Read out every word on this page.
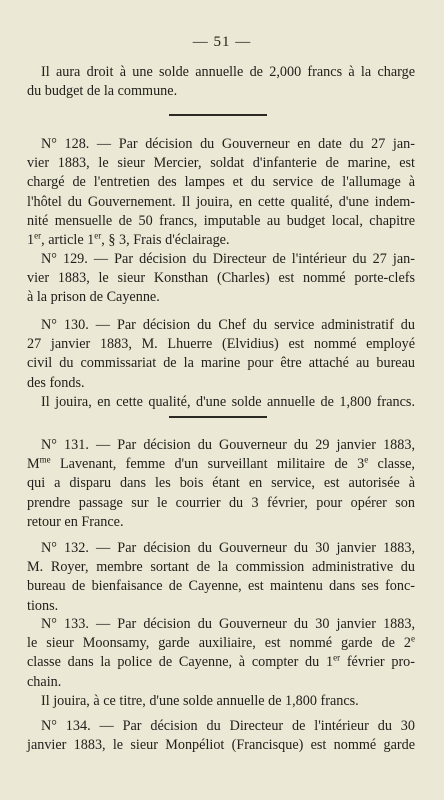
— 51 —
Il aura droit à une solde annuelle de 2,000 francs à la charge
du budget de la commune.
N° 128. — Par décision du Gouverneur en date du 27 jan-
vier 1883, le sieur Mercier, soldat d'infanterie de marine, est
chargé de l'entretien des lampes et du service de l'allumage à
l'hôtel du Gouvernement. Il jouira, en cette qualité, d'une indem-
nité mensuelle de 50 francs, imputable au budget local, chapitre
1er, article 1er, § 3, Frais d'éclairage.
N° 129. — Par décision du Directeur de l'intérieur du 27 jan-
vier 1883, le sieur Konsthan (Charles) est nommé porte-clefs
à la prison de Cayenne.
N° 130. — Par décision du Chef du service administratif du
27 janvier 1883, M. Lhuerre (Elvidius) est nommé employé
civil du commissariat de la marine pour être attaché au bureau
des fonds.
Il jouira, en cette qualité, d'une solde annuelle de 1,800 francs.
N° 131. — Par décision du Gouverneur du 29 janvier 1883,
$M^{me}$ Lavenant, femme d'un surveillant militaire de 3e classe,
qui a disparu dans les bois étant en service, est autorisée à
prendre passage sur le courrier du 3 février, pour opérer son
retour en France.
N° 132. — Par décision du Gouverneur du 30 janvier 1883,
M. Royer, membre sortant de la commission administrative du
bureau de bienfaisance de Cayenne, est maintenu dans ses fonc-
tions.
N° 133. — Par décision du Gouverneur du 30 janvier 1883,
le sieur Moonsamy, garde auxiliaire, est nommé garde de 2e
classe dans la police de Cayenne, à compter du 1er février pro-
chain.
Il jouira, à ce titre, d'une solde annuelle de 1,800 francs.
N° 134. — Par décision du Directeur de l'intérieur du 30
janvier 1883, le sieur Monpéliot (Francisque) est nommé garde
